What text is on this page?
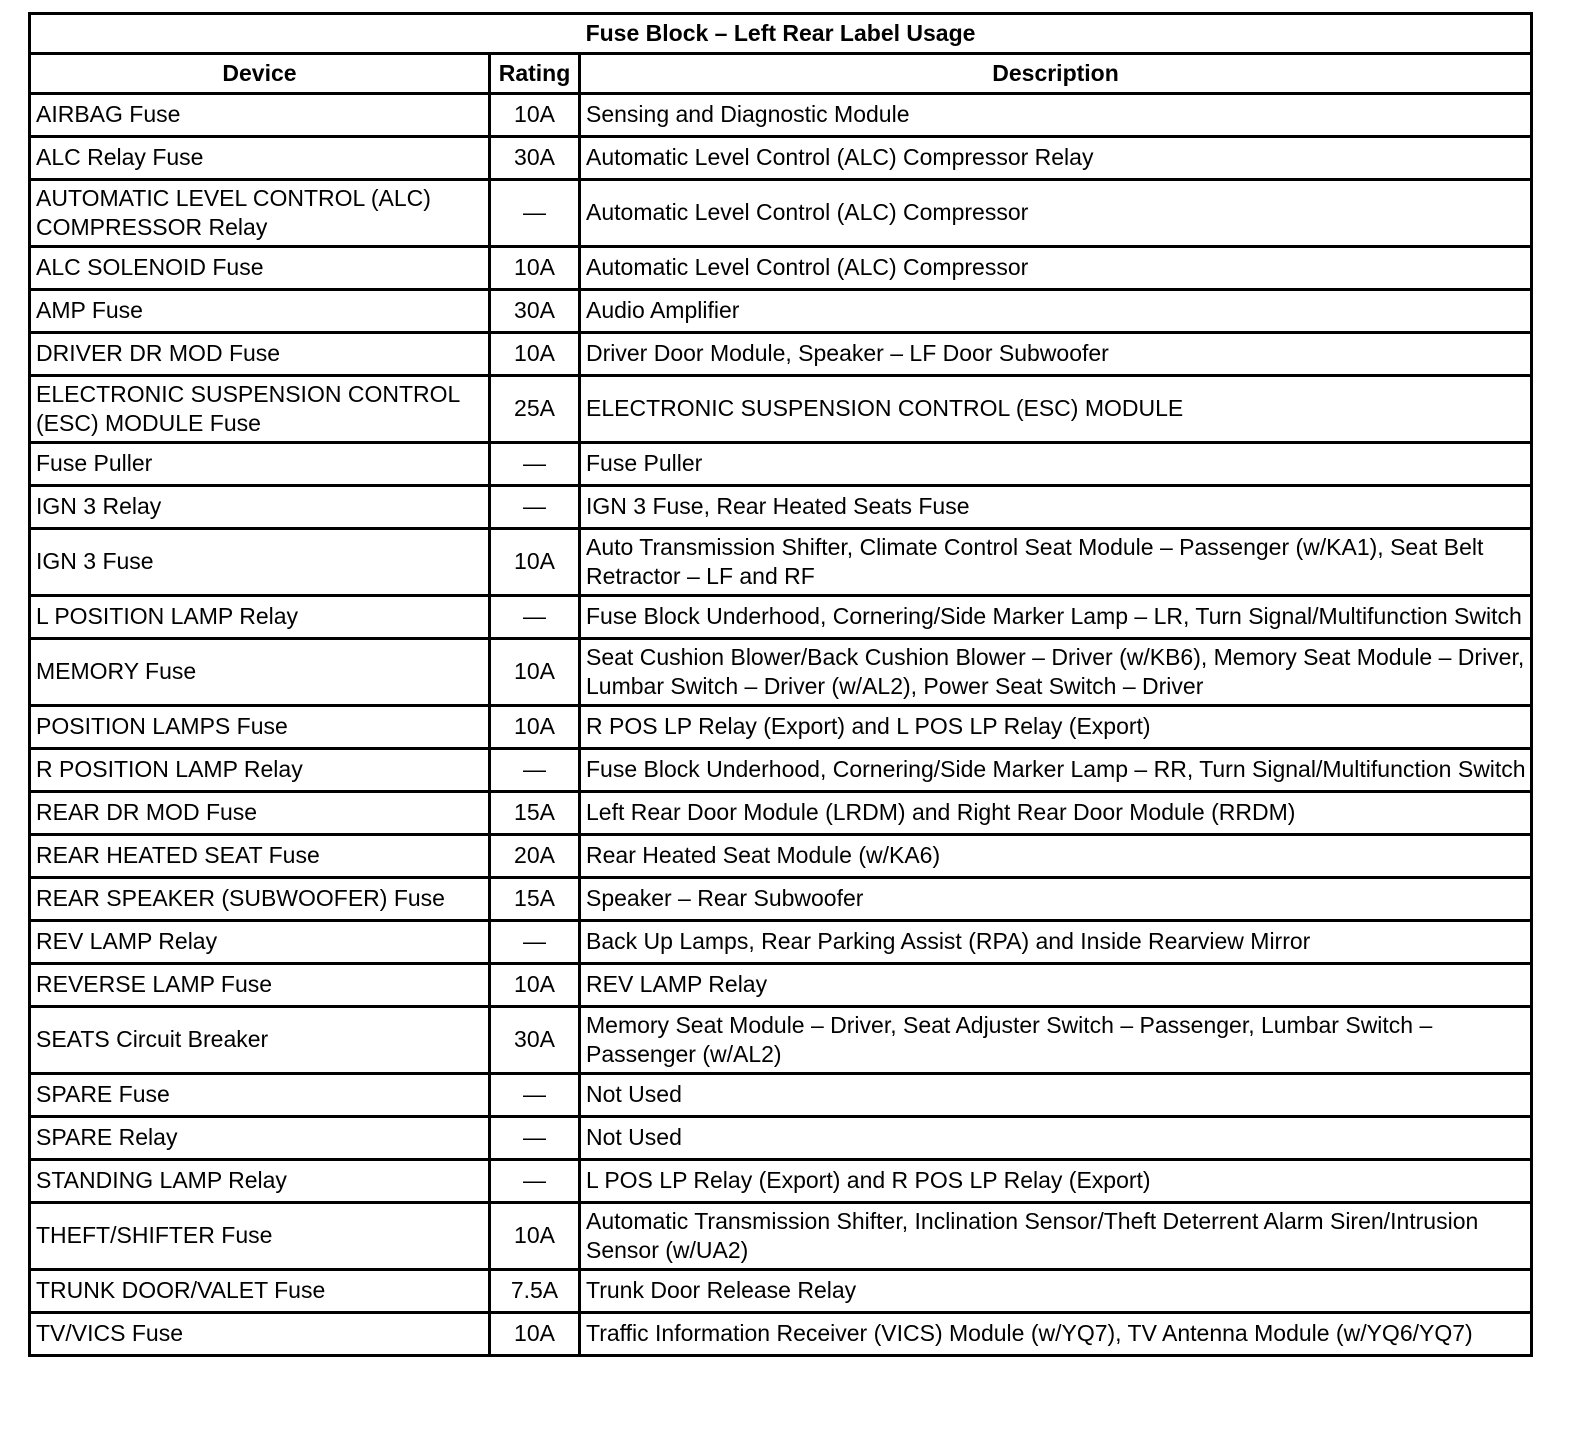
Fuse Block – Left Rear Label Usage		
Device	Rating	Description
AIRBAG Fuse	10A	Sensing and Diagnostic Module
ALC Relay Fuse	30A	Automatic Level Control (ALC) Compressor Relay
AUTOMATIC LEVEL CONTROL (ALC) COMPRESSOR Relay	—	Automatic Level Control (ALC) Compressor
ALC SOLENOID Fuse	10A	Automatic Level Control (ALC) Compressor
AMP Fuse	30A	Audio Amplifier
DRIVER DR MOD Fuse	10A	Driver Door Module, Speaker – LF Door Subwoofer
ELECTRONIC SUSPENSION CONTROL (ESC) MODULE Fuse	25A	ELECTRONIC SUSPENSION CONTROL (ESC) MODULE
Fuse Puller	—	Fuse Puller
IGN 3 Relay	—	IGN 3 Fuse, Rear Heated Seats Fuse
IGN 3 Fuse	10A	Auto Transmission Shifter, Climate Control Seat Module – Passenger (w/KA1), Seat Belt Retractor – LF and RF
L POSITION LAMP Relay	—	Fuse Block Underhood, Cornering/Side Marker Lamp – LR, Turn Signal/Multifunction Switch
MEMORY Fuse	10A	Seat Cushion Blower/Back Cushion Blower – Driver (w/KB6), Memory Seat Module – Driver, Lumbar Switch – Driver (w/AL2), Power Seat Switch – Driver
POSITION LAMPS Fuse	10A	R POS LP Relay (Export) and L POS LP Relay (Export)
R POSITION LAMP Relay	—	Fuse Block Underhood, Cornering/Side Marker Lamp – RR, Turn Signal/Multifunction Switch
REAR DR MOD Fuse	15A	Left Rear Door Module (LRDM) and Right Rear Door Module (RRDM)
REAR HEATED SEAT Fuse	20A	Rear Heated Seat Module (w/KA6)
REAR SPEAKER (SUBWOOFER) Fuse	15A	Speaker – Rear Subwoofer
REV LAMP Relay	—	Back Up Lamps, Rear Parking Assist (RPA) and Inside Rearview Mirror
REVERSE LAMP Fuse	10A	REV LAMP Relay
SEATS Circuit Breaker	30A	Memory Seat Module – Driver, Seat Adjuster Switch – Passenger, Lumbar Switch – Passenger (w/AL2)
SPARE Fuse	—	Not Used
SPARE Relay	—	Not Used
STANDING LAMP Relay	—	L POS LP Relay (Export) and R POS LP Relay (Export)
THEFT/SHIFTER Fuse	10A	Automatic Transmission Shifter, Inclination Sensor/Theft Deterrent Alarm Siren/Intrusion Sensor (w/UA2)
TRUNK DOOR/VALET Fuse	7.5A	Trunk Door Release Relay
TV/VICS Fuse	10A	Traffic Information Receiver (VICS) Module (w/YQ7), TV Antenna Module (w/YQ6/YQ7)
